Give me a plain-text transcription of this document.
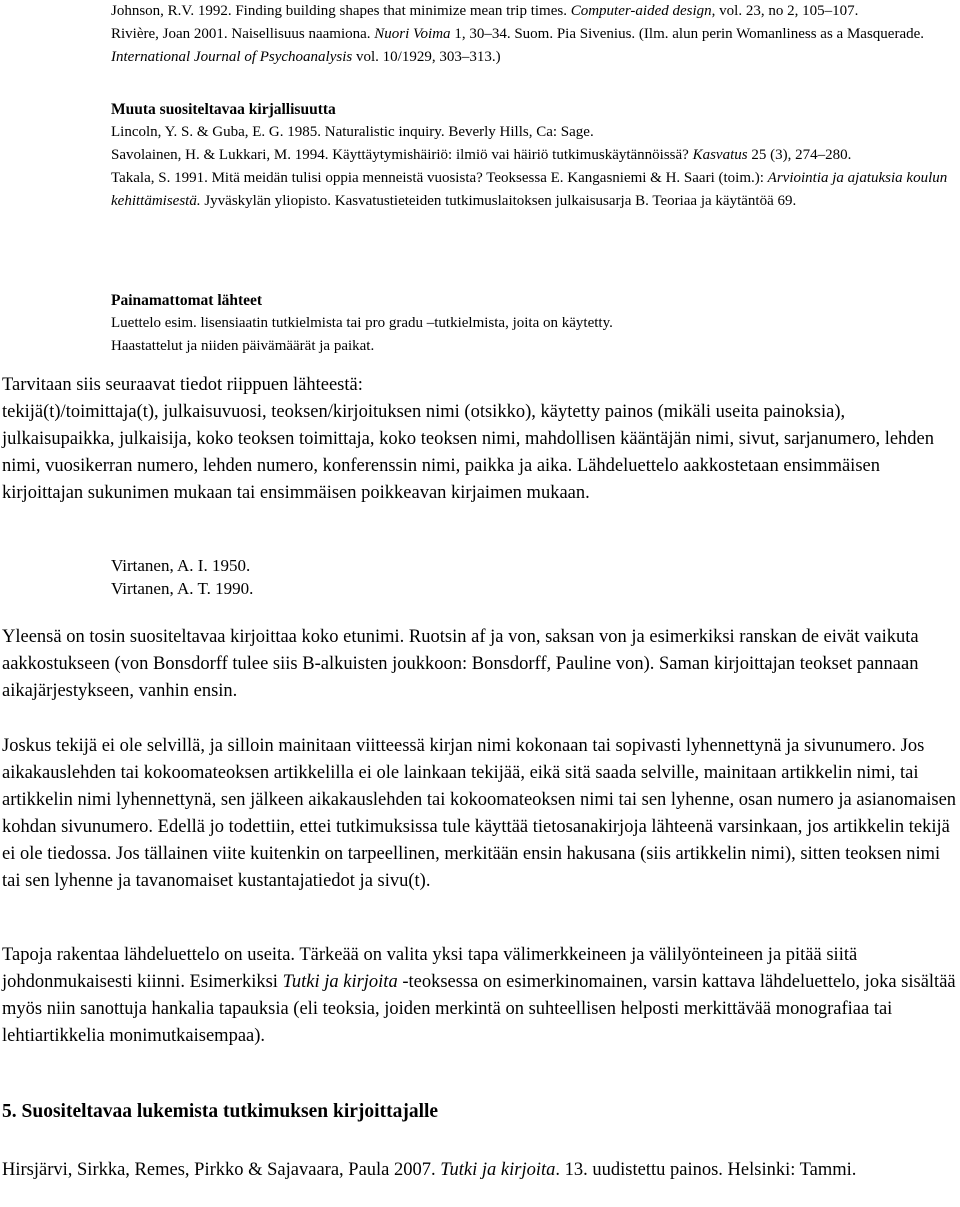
Johnson, R.V. 1992. Finding building shapes that minimize mean trip times. Computer-aided design, vol. 23, no 2, 105–107.

Rivière, Joan 2001. Naisellisuus naamiona. Nuori Voima 1, 30–34. Suom. Pia Sivenius. (Ilm. alun perin Womanliness as a Masquerade. International Journal of Psychoanalysis vol. 10/1929, 303–313.)

Muuta suositeltavaa kirjallisuutta

Lincoln, Y. S. & Guba, E. G. 1985. Naturalistic inquiry. Beverly Hills, Ca: Sage.

Savolainen, H. & Lukkari, M. 1994. Käyttäytymishäiriö: ilmiö vai häiriö tutkimuskäytännöissä? Kasvatus 25 (3), 274–280.

Takala, S. 1991. Mitä meidän tulisi oppia menneistä vuosista? Teoksessa E. Kangasniemi & H. Saari (toim.): Arviointia ja ajatuksia koulun kehittämisestä. Jyväskylän yliopisto. Kasvatustieteiden tutkimuslaitoksen julkaisusarja B. Teoriaa ja käytäntöä 69.

Painamattomat lähteet

Luettelo esim. lisensiaatin tutkielmista tai pro gradu –tutkielmista, joita on käytetty.

Haastattelut ja niiden päivämäärät ja paikat.

Tarvitaan siis seuraavat tiedot riippuen lähteestä:

tekijä(t)/toimittaja(t), julkaisuvuosi, teoksen/kirjoituksen nimi (otsikko), käytetty painos (mikäli useita painoksia), julkaisupaikka, julkaisija, koko teoksen toimittaja, koko teoksen nimi, mahdollisen kääntäjän nimi, sivut, sarjanumero, lehden nimi, vuosikerran numero, lehden numero, konferenssin nimi, paikka ja aika. Lähdeluettelo aakkostetaan ensimmäisen kirjoittajan sukunimen mukaan tai ensimmäisen poikkeavan kirjaimen mukaan.

Virtanen, A. I. 1950.
Virtanen, A. T. 1990.

Yleensä on tosin suositeltavaa kirjoittaa koko etunimi. Ruotsin af ja von, saksan von ja esimerkiksi ranskan de eivät vaikuta aakkostukseen (von Bonsdorff tulee siis B-alkuisten joukkoon: Bonsdorff, Pauline von). Saman kirjoittajan teokset pannaan aikajärjestykseen, vanhin ensin.

Joskus tekijä ei ole selvillä, ja silloin mainitaan viitteessä kirjan nimi kokonaan tai sopivasti lyhennettynä ja sivunumero. Jos aikakauslehden tai kokoomateoksen artikkelilla ei ole lainkaan tekijää, eikä sitä saada selville, mainitaan artikkelin nimi, tai artikkelin nimi lyhennettynä, sen jälkeen aikakauslehden tai kokoomateoksen nimi tai sen lyhenne, osan numero ja asianomaisen kohdan sivunumero. Edellä jo todettiin, ettei tutkimuksissa tule käyttää tietosanakirjoja lähteenä varsinkaan, jos artikkelin tekijä ei ole tiedossa. Jos tällainen viite kuitenkin on tarpeellinen, merkitään ensin hakusana (siis artikkelin nimi), sitten teoksen nimi tai sen lyhenne ja tavanomaiset kustantajatiedot ja sivu(t).

Tapoja rakentaa lähdeluettelo on useita. Tärkeää on valita yksi tapa välimerkkeineen ja välilyönteineen ja pitää siitä johdonmukaisesti kiinni. Esimerkiksi Tutki ja kirjoita -teoksessa on esimerkinomainen, varsin kattava lähdeluettelo, joka sisältää myös niin sanottuja hankalia tapauksia (eli teoksia, joiden merkintä on suhteellisen helposti merkittävää monografiaa tai lehtiartikkelia monimutkaisempaa).

5. Suositeltavaa lukemista tutkimuksen kirjoittajalle

Hirsjärvi, Sirkka, Remes, Pirkko & Sajavaara, Paula 2007. Tutki ja kirjoita. 13. uudistettu painos. Helsinki: Tammi.
